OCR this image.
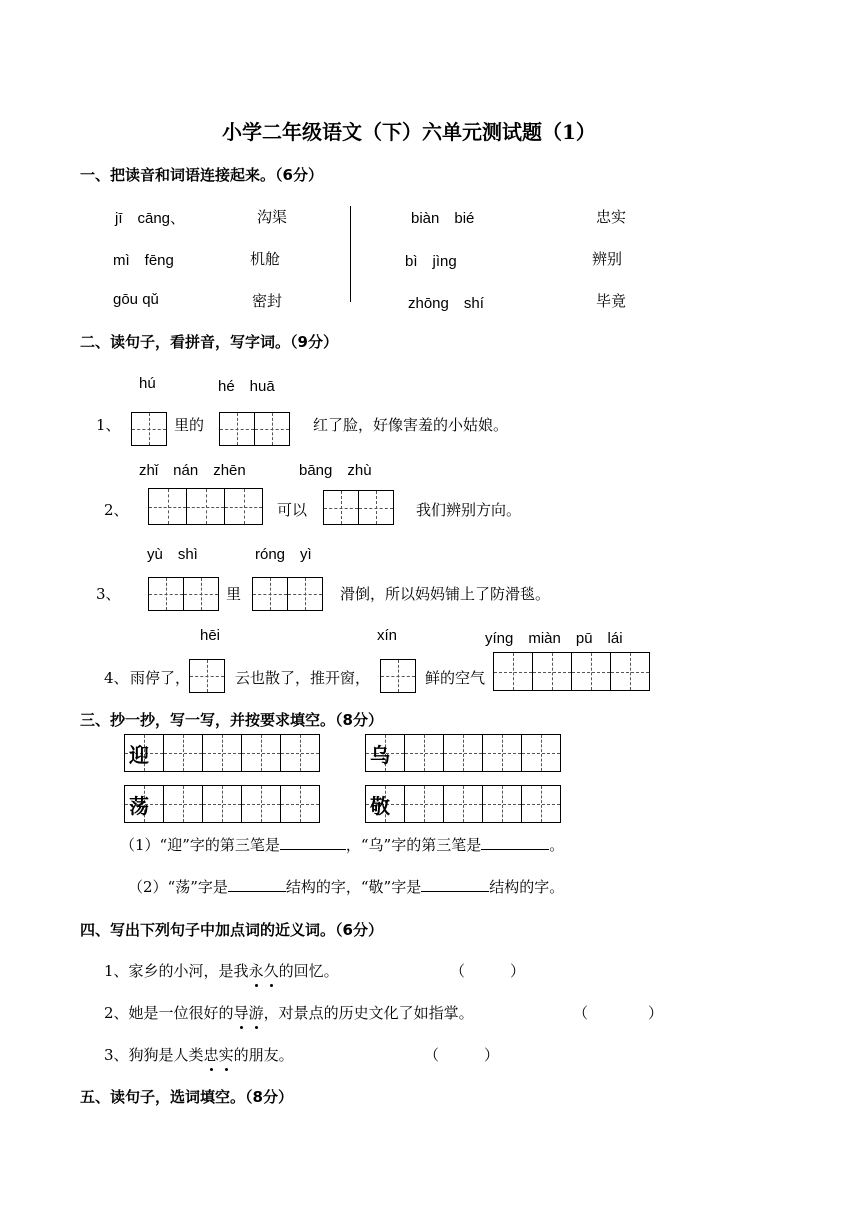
小学二年级语文（下）六单元测试题（1）
一、把读音和词语连接起来。（6分）
jī　cāng、
mì　fēng
gōu qǔ
沟渠
机舱
密封
biàn　bié
bì　jìng
zhōng　shí
忠实
辨别
毕竟
二、读句子，看拼音，写字词。（9分）
hú	hé　huā
1、	里的	红了脸，好像害羞的小姑娘。
zhǐ　nán　zhēn	bāng　zhù
2、	可以	我们辨别方向。
yù　shì	róng　yì
3、	里	滑倒，所以妈妈铺上了防滑毯。
hēi	xín	yíng　miàn　pū　lái
4、 雨停了，	云也散了，推开窗，	鲜的空气
三、抄一抄，写一写，并按要求填空。（8分）
迎	乌
荡	敬
（1）“迎”字的第三笔是	，“乌”字的第三笔是	。
（2）“荡”字是	结构的字，“敬”字是	结构的字。
四、写出下列句子中加点词的近义词。（6分）
1、家乡的小河，是我永久的回忆。	（　　　）
2、她是一位很好的导游，对景点的历史文化了如指掌。	（　　　　）
3、狗狗是人类忠实的朋友。	（　　　）
五、读句子，选词填空。（8分）
